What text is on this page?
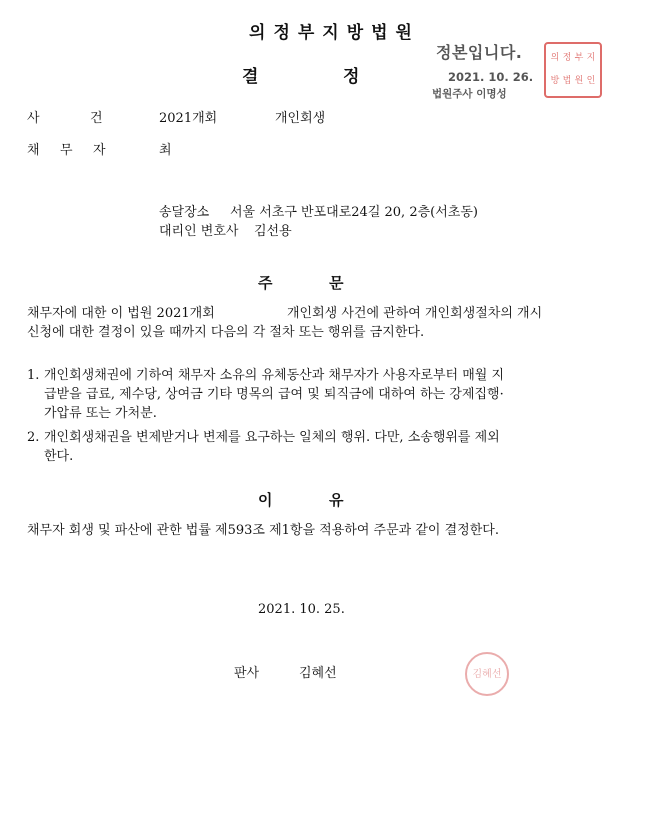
의정부지방법원
결	정
정본입니다.
2021. 10. 26.
법원주사 이명성
의 정 부 지
방 법 원 인
사	건	2021개회	개인회생
채 무 자	최
송달장소 서울 서초구 반포대로24길 20, 2층(서초동)
대리인 변호사 김선용
주	문
채무자에 대한 이 법원 2021개회	개인회생 사건에 관하여 개인회생절차의 개시
신청에 대한 결정이 있을 때까지 다음의 각 절차 또는 행위를 금지한다.
1. 개인회생채권에 기하여 채무자 소유의 유체동산과 채무자가 사용자로부터 매월 지
급받을 급료, 제수당, 상여금 기타 명목의 급여 및 퇴직금에 대하여 하는 강제집행·
가압류 또는 가처분.
2. 개인회생채권을 변제받거나 변제를 요구하는 일체의 행위. 다만, 소송행위를 제외
한다.
이	유
채무자 회생 및 파산에 관한 법률 제593조 제1항을 적용하여 주문과 같이 결정한다.
2021. 10. 25.
판사	김혜선	김혜선
